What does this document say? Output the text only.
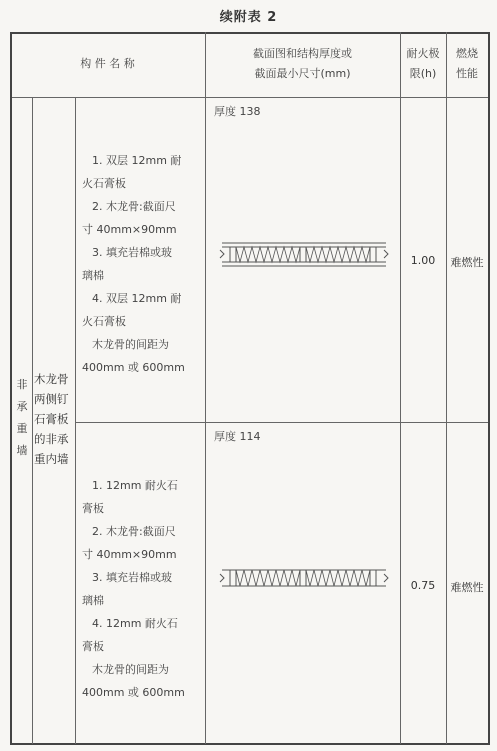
续附表 2
构 件 名 称
截面图和结构厚度或
截面最小尺寸(mm)
耐火极
限(h)
燃烧
性能
非
承
重
墙
木龙骨
两侧钉
石膏板
的非承
重内墙
1. 双层 12mm 耐
火石膏板
2. 木龙骨:截面尺
寸 40mm×90mm
3. 填充岩棉或玻
璃棉
4. 双层 12mm 耐
火石膏板
木龙骨的间距为
400mm 或 600mm
厚度 138
1.00	难燃性
1. 12mm 耐火石
膏板
2. 木龙骨:截面尺
寸 40mm×90mm
3. 填充岩棉或玻
璃棉
4. 12mm 耐火石
膏板
木龙骨的间距为
400mm 或 600mm
厚度 114
0.75	难燃性
